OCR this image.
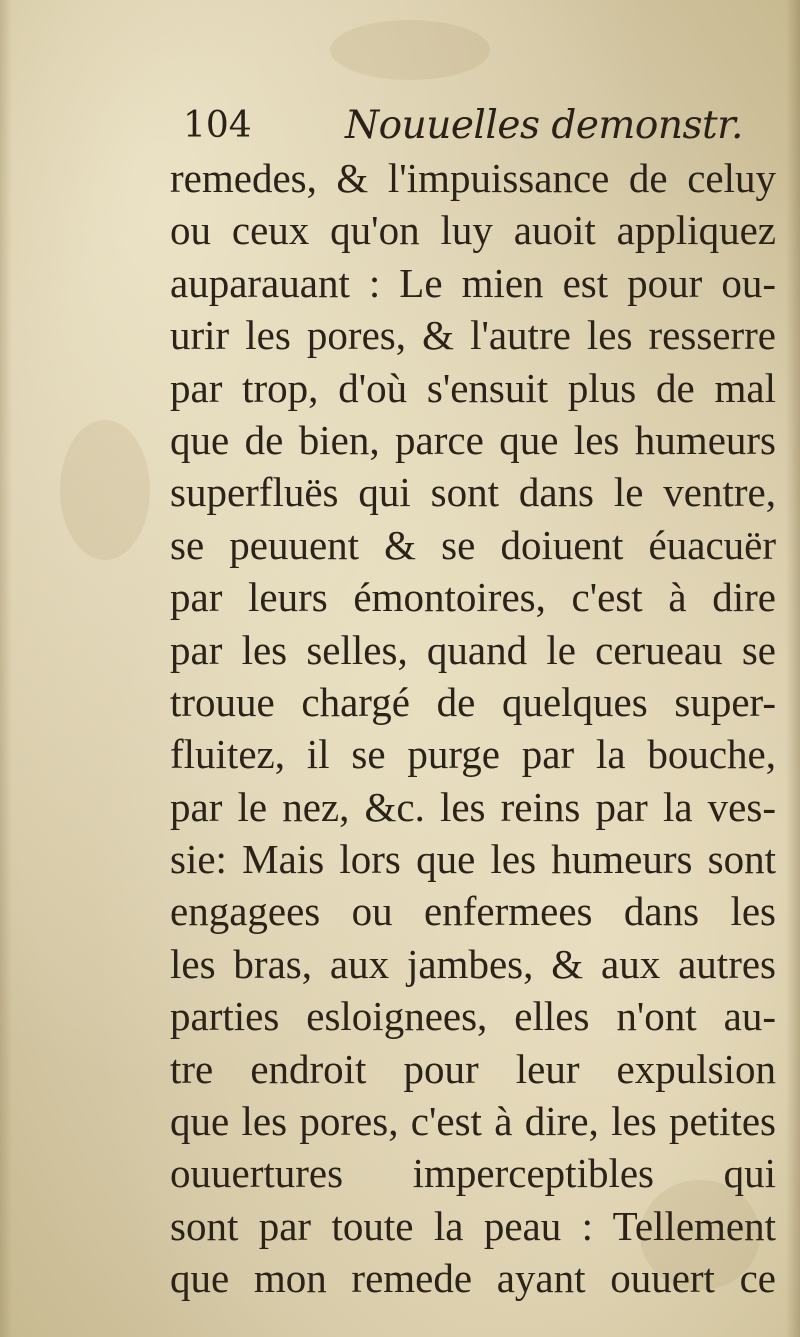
104 Nouuelles demonstr.
remedes, & l'impuissance de celuy
ou ceux qu'on luy auoit appliquez
auparauant : Le mien est pour ou-
urir les pores, & l'autre les resserre
par trop, d'où s'ensuit plus de mal
que de bien, parce que les humeurs
superfluës qui sont dans le ventre,
se peuuent & se doiuent éuacuër
par leurs émontoires, c'est à dire
par les selles, quand le cerueau se
trouue chargé de quelques super-
fluitez, il se purge par la bouche,
par le nez, &c. les reins par la ves-
sie: Mais lors que les humeurs sont
engagees ou enfermees dans les
les bras, aux jambes, & aux autres
parties esloignees, elles n'ont au-
tre endroit pour leur expulsion
que les pores, c'est à dire, les petites
ouuertures imperceptibles qui
sont par toute la peau : Tellement
que mon remede ayant ouuert ce
